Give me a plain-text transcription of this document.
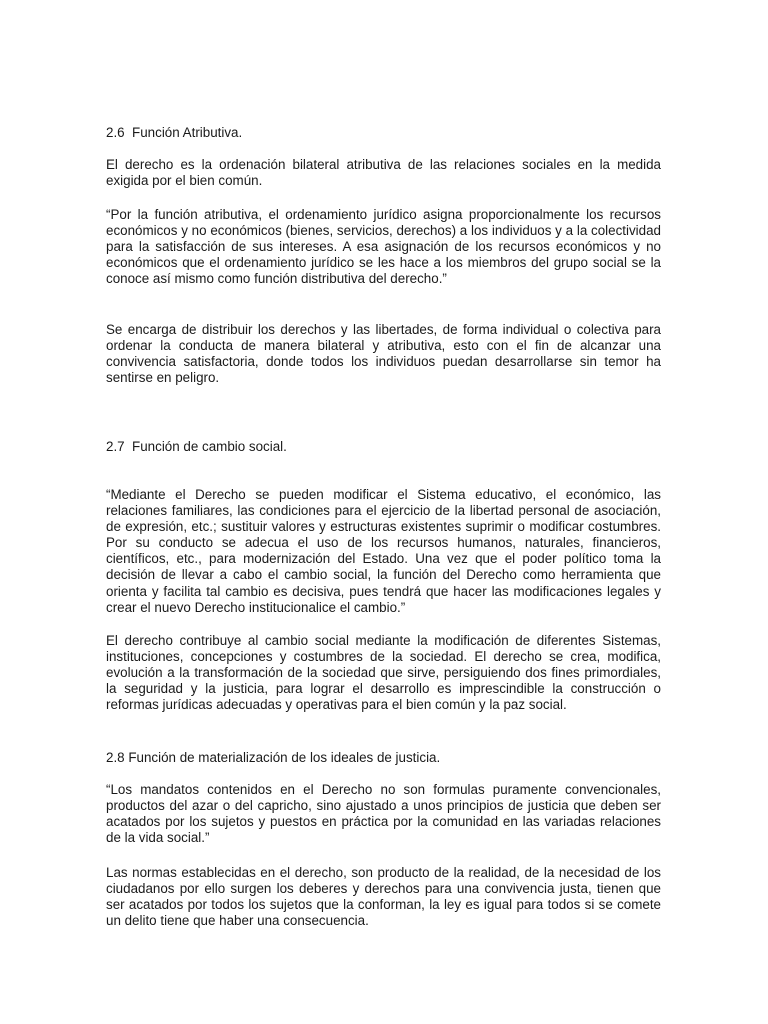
2.6  Función Atributiva.

El derecho es la ordenación bilateral atributiva de las relaciones sociales en la medida exigida por el bien común.

“Por la función atributiva, el ordenamiento jurídico asigna proporcionalmente los recursos económicos y no económicos (bienes, servicios, derechos) a los individuos y a la colectividad para la satisfacción de sus intereses. A esa asignación de los recursos económicos y no económicos que el ordenamiento jurídico se les hace a los miembros del grupo social se la conoce así mismo como función distributiva del derecho.”

Se encarga de distribuir los derechos y las libertades, de forma individual o colectiva para ordenar la conducta de manera bilateral y atributiva, esto con el fin de alcanzar una convivencia satisfactoria, donde todos los individuos puedan desarrollarse sin temor ha sentirse en peligro.

2.7  Función de cambio social.

“Mediante el Derecho se pueden modificar el Sistema educativo, el económico, las relaciones familiares, las condiciones para el ejercicio de la libertad personal de asociación, de expresión, etc.; sustituir valores y estructuras existentes suprimir o modificar costumbres. Por su conducto se adecua el uso de los recursos humanos, naturales, financieros, científicos, etc., para modernización del Estado. Una vez que el poder político toma la decisión de llevar a cabo el cambio social, la función del Derecho como herramienta que orienta y facilita tal cambio es decisiva, pues tendrá que hacer las modificaciones legales y crear el nuevo Derecho institucionalice el cambio.”

El derecho contribuye al cambio social mediante la modificación de diferentes Sistemas, instituciones, concepciones y costumbres de la sociedad. El derecho se crea, modifica, evolución a la transformación de la sociedad que sirve, persiguiendo dos fines primordiales, la seguridad y la justicia, para lograr el desarrollo es imprescindible la construcción o reformas jurídicas adecuadas y operativas para el bien común y la paz social.

2.8 Función de materialización de los ideales de justicia.

“Los mandatos contenidos en el Derecho no son formulas puramente convencionales, productos del azar o del capricho, sino ajustado a unos principios de justicia que deben ser acatados por los sujetos y puestos en práctica por la comunidad en las variadas relaciones de la vida social.”

Las normas establecidas en el derecho, son producto de la realidad, de la necesidad de los ciudadanos por ello surgen los deberes y derechos para una convivencia justa, tienen que ser acatados por todos los sujetos que la conforman, la ley es igual para todos si se comete un delito tiene que haber una consecuencia.
